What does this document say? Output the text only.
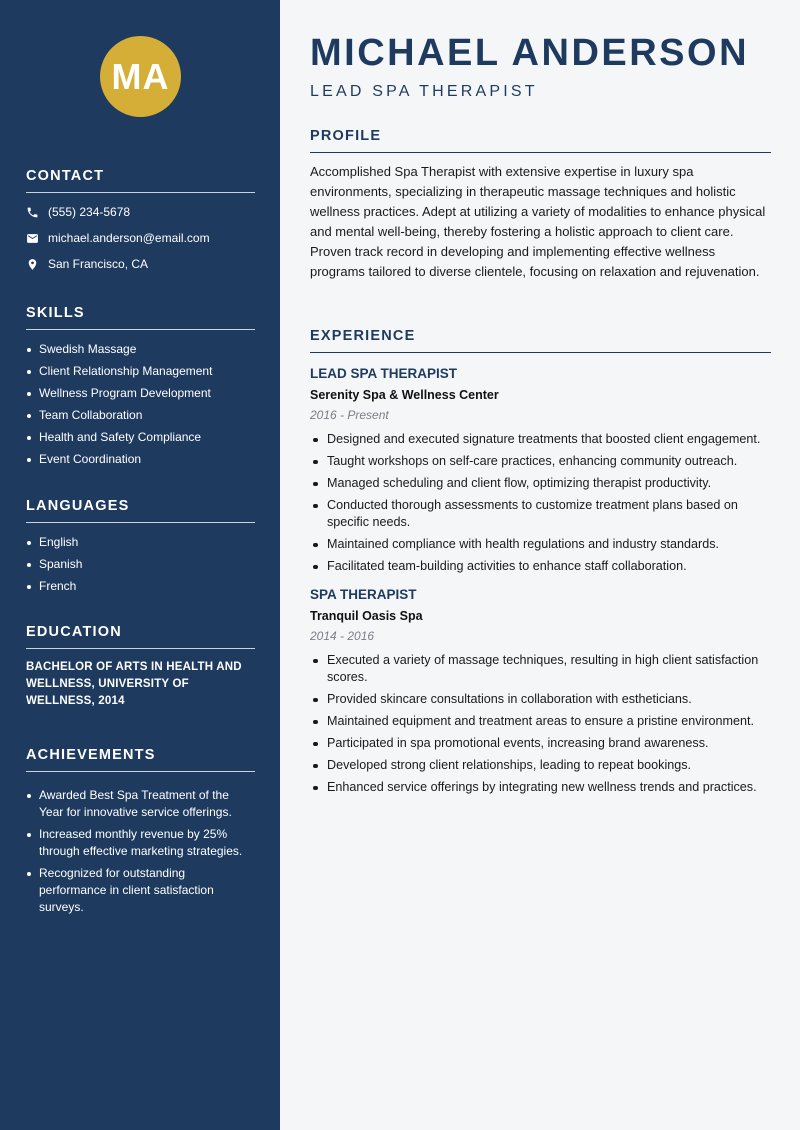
MA
CONTACT
(555) 234-5678
michael.anderson@email.com
San Francisco, CA
SKILLS
Swedish Massage
Client Relationship Management
Wellness Program Development
Team Collaboration
Health and Safety Compliance
Event Coordination
LANGUAGES
English
Spanish
French
EDUCATION
BACHELOR OF ARTS IN HEALTH AND WELLNESS, UNIVERSITY OF WELLNESS, 2014
ACHIEVEMENTS
Awarded Best Spa Treatment of the Year for innovative service offerings.
Increased monthly revenue by 25% through effective marketing strategies.
Recognized for outstanding performance in client satisfaction surveys.
MICHAEL ANDERSON
LEAD SPA THERAPIST
PROFILE

Accomplished Spa Therapist with extensive expertise in luxury spa environments, specializing in therapeutic massage techniques and holistic wellness practices. Adept at utilizing a variety of modalities to enhance physical and mental well-being, thereby fostering a holistic approach to client care. Proven track record in developing and implementing effective wellness programs tailored to diverse clientele, focusing on relaxation and rejuvenation.

EXPERIENCE
LEAD SPA THERAPIST
Serenity Spa & Wellness Center
2016 - Present
Designed and executed signature treatments that boosted client engagement.
Taught workshops on self-care practices, enhancing community outreach.
Managed scheduling and client flow, optimizing therapist productivity.
Conducted thorough assessments to customize treatment plans based on specific needs.
Maintained compliance with health regulations and industry standards.
Facilitated team-building activities to enhance staff collaboration.
SPA THERAPIST
Tranquil Oasis Spa
2014 - 2016
Executed a variety of massage techniques, resulting in high client satisfaction scores.
Provided skincare consultations in collaboration with estheticians.
Maintained equipment and treatment areas to ensure a pristine environment.
Participated in spa promotional events, increasing brand awareness.
Developed strong client relationships, leading to repeat bookings.
Enhanced service offerings by integrating new wellness trends and practices.
